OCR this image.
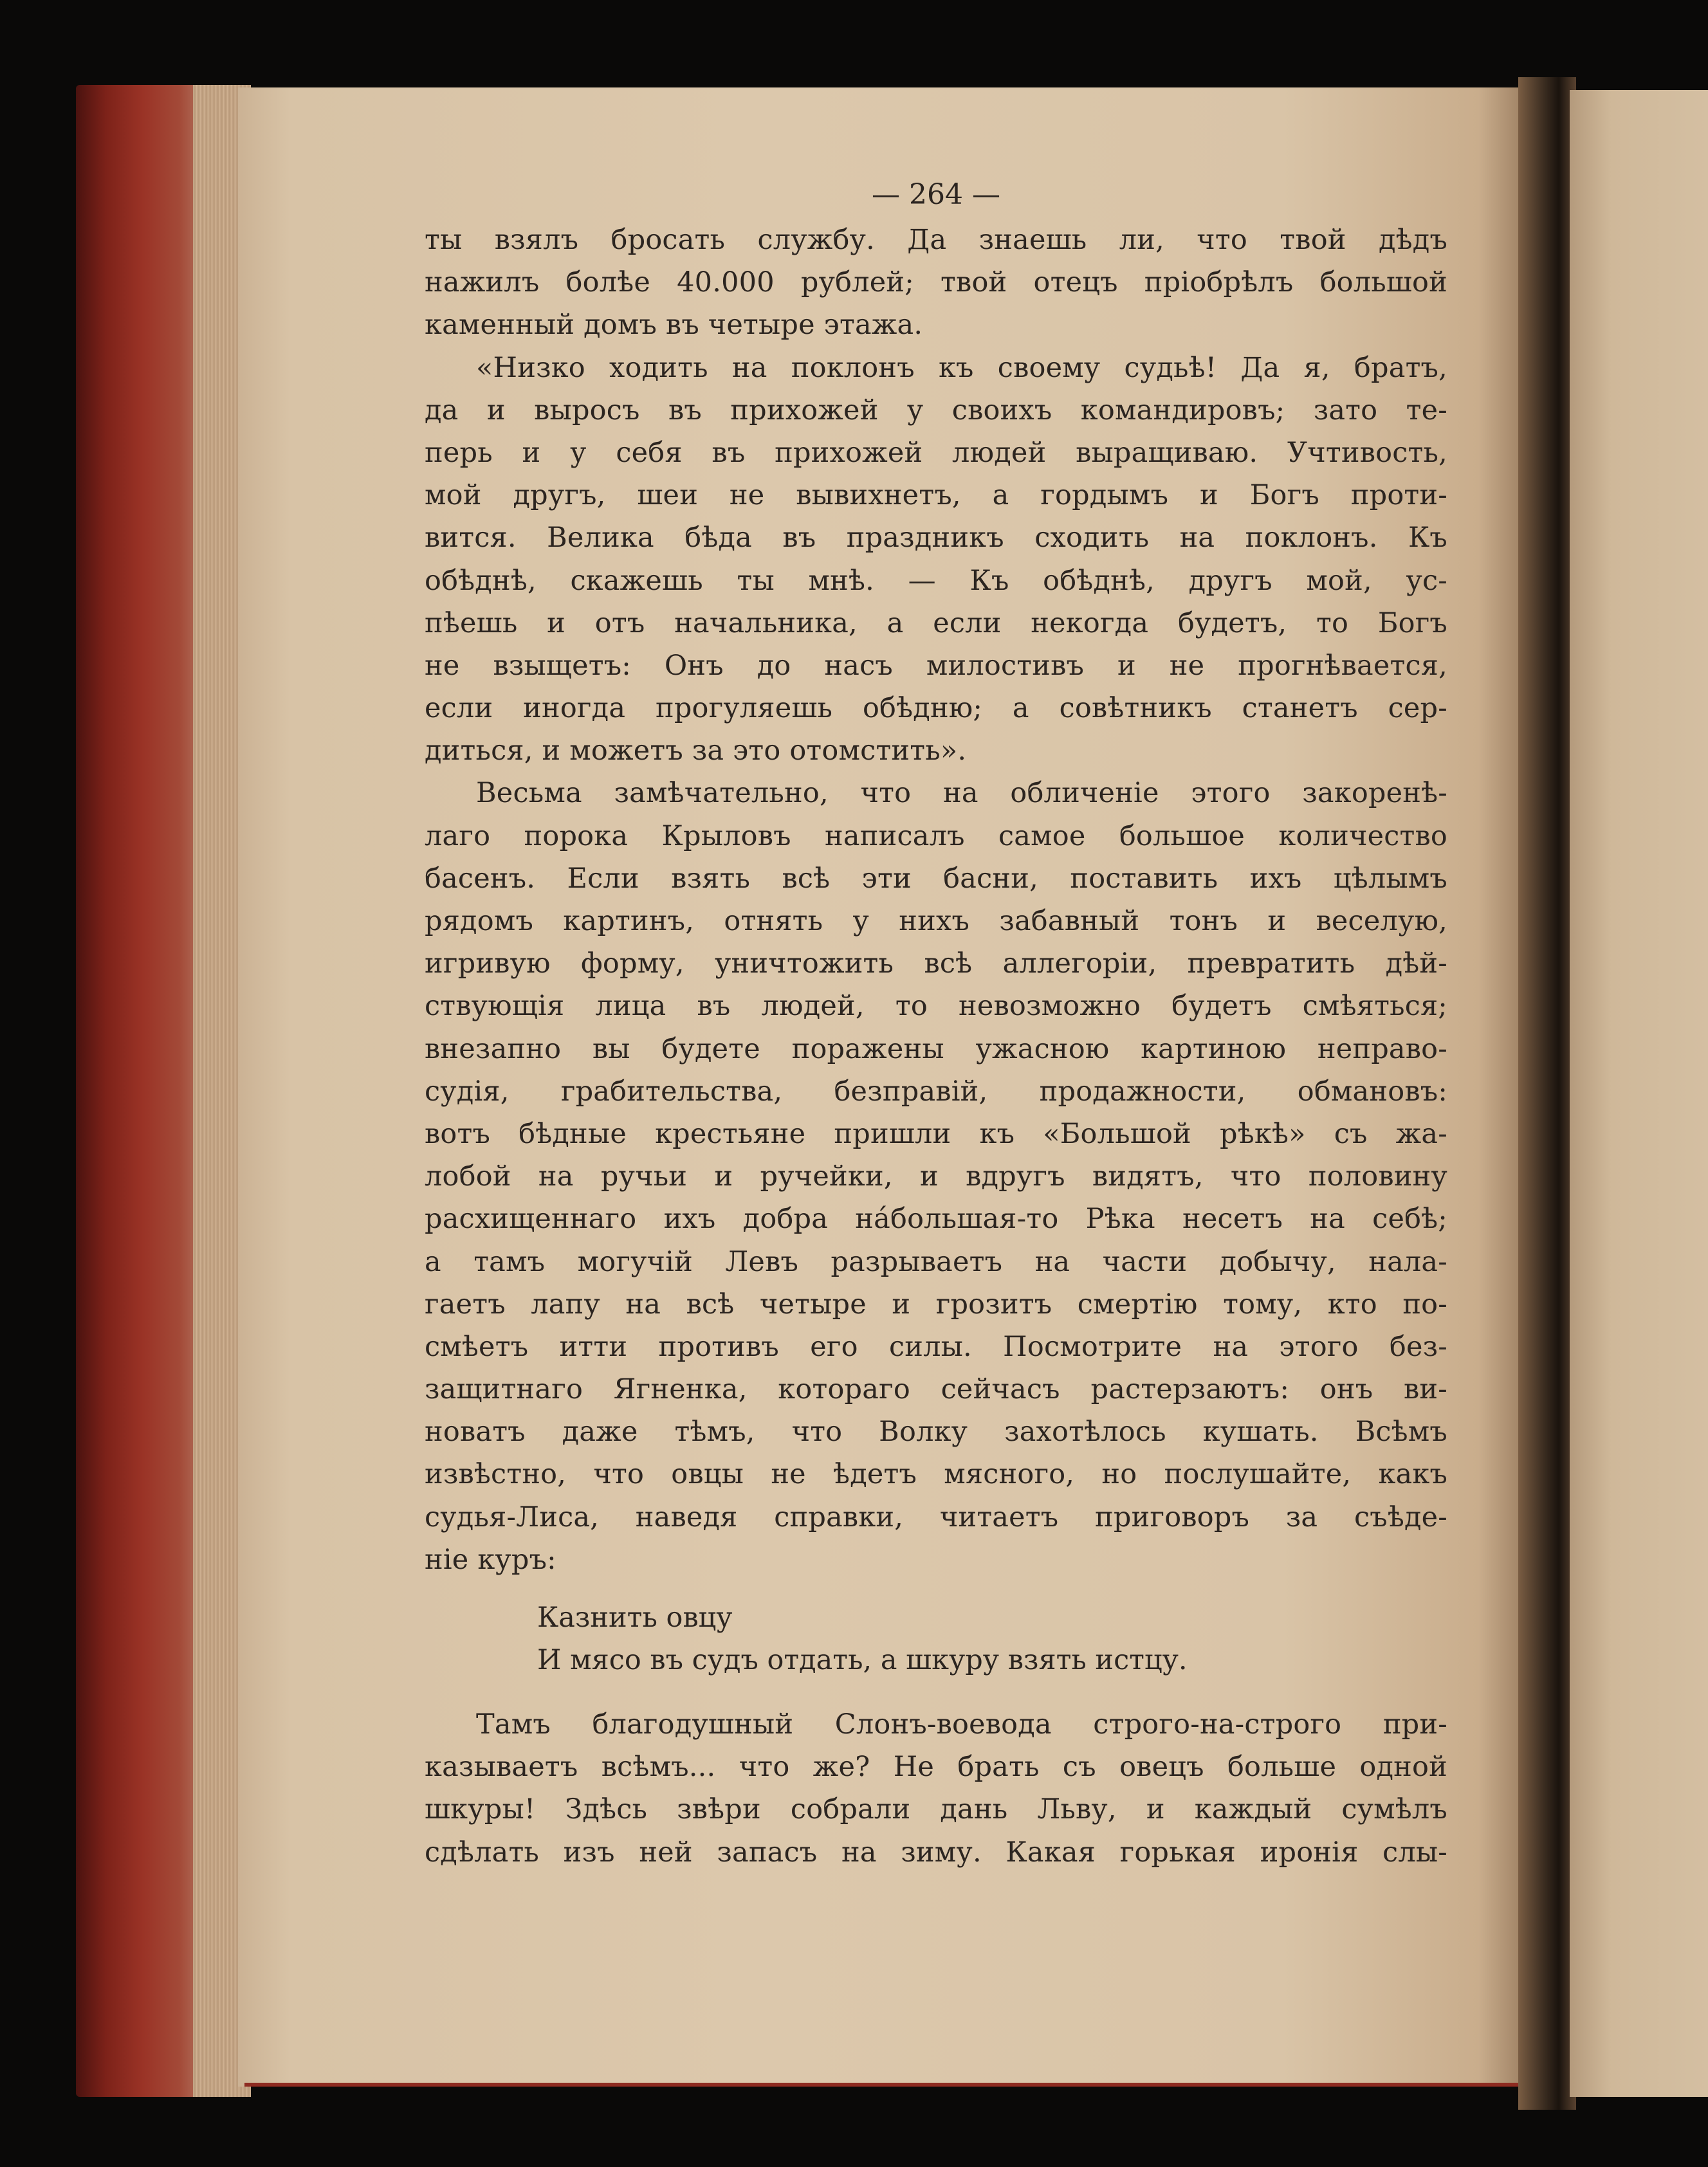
— 264 —
ты взялъ бросать службу. Да знаешь ли, что твой дѣдъ
нажилъ болѣе 40.000 рублей; твой отецъ пріобрѣлъ большой
каменный домъ въ четыре этажа.
«Низко ходить на поклонъ къ своему судьѣ! Да я, братъ,
да и выросъ въ прихожей у своихъ командировъ; зато те-
перь и у себя въ прихожей людей выращиваю. Учтивость,
мой другъ, шеи не вывихнетъ, а гордымъ и Богъ проти-
вится. Велика бѣда въ праздникъ сходить на поклонъ. Къ
обѣднѣ, скажешь ты мнѣ. — Къ обѣднѣ, другъ мой, ус-
пѣешь и отъ начальника, а если некогда будетъ, то Богъ
не взыщетъ: Онъ до насъ милостивъ и не прогнѣвается,
если иногда прогуляешь обѣдню; а совѣтникъ станетъ сер-
диться, и можетъ за это отомстить».
Весьма замѣчательно, что на обличеніе этого закоренѣ-
лаго порока Крыловъ написалъ самое большое количество
басенъ. Если взять всѣ эти басни, поставить ихъ цѣлымъ
рядомъ картинъ, отнять у нихъ забавный тонъ и веселую,
игривую форму, уничтожить всѣ аллегоріи, превратить дѣй-
ствующія лица въ людей, то невозможно будетъ смѣяться;
внезапно вы будете поражены ужасною картиною неправо-
судія, грабительства, безправій, продажности, обмановъ:
вотъ бѣдные крестьяне пришли къ «Большой рѣкѣ» съ жа-
лобой на ручьи и ручейки, и вдругъ видятъ, что половину
расхищеннаго ихъ добра нáбольшая-то Рѣка несетъ на себѣ;
а тамъ могучій Левъ разрываетъ на части добычу, нала-
гаетъ лапу на всѣ четыре и грозитъ смертію тому, кто по-
смѣетъ итти противъ его силы. Посмотрите на этого без-
защитнаго Ягненка, котораго сейчасъ растерзаютъ: онъ ви-
новатъ даже тѣмъ, что Волку захотѣлось кушать. Всѣмъ
извѣстно, что овцы не ѣдетъ мясного, но послушайте, какъ
судья-Лиса, наведя справки, читаетъ приговоръ за съѣде-
ніе куръ:
Казнить овцу
И мясо въ судъ отдать, а шкуру взять истцу.
Тамъ благодушный Слонъ-воевода строго-на-строго при-
казываетъ всѣмъ... что же? Не брать съ овецъ больше одной
шкуры! Здѣсь звѣри собрали дань Льву, и каждый сумѣлъ
сдѣлать изъ ней запасъ на зиму. Какая горькая иронія слы-
